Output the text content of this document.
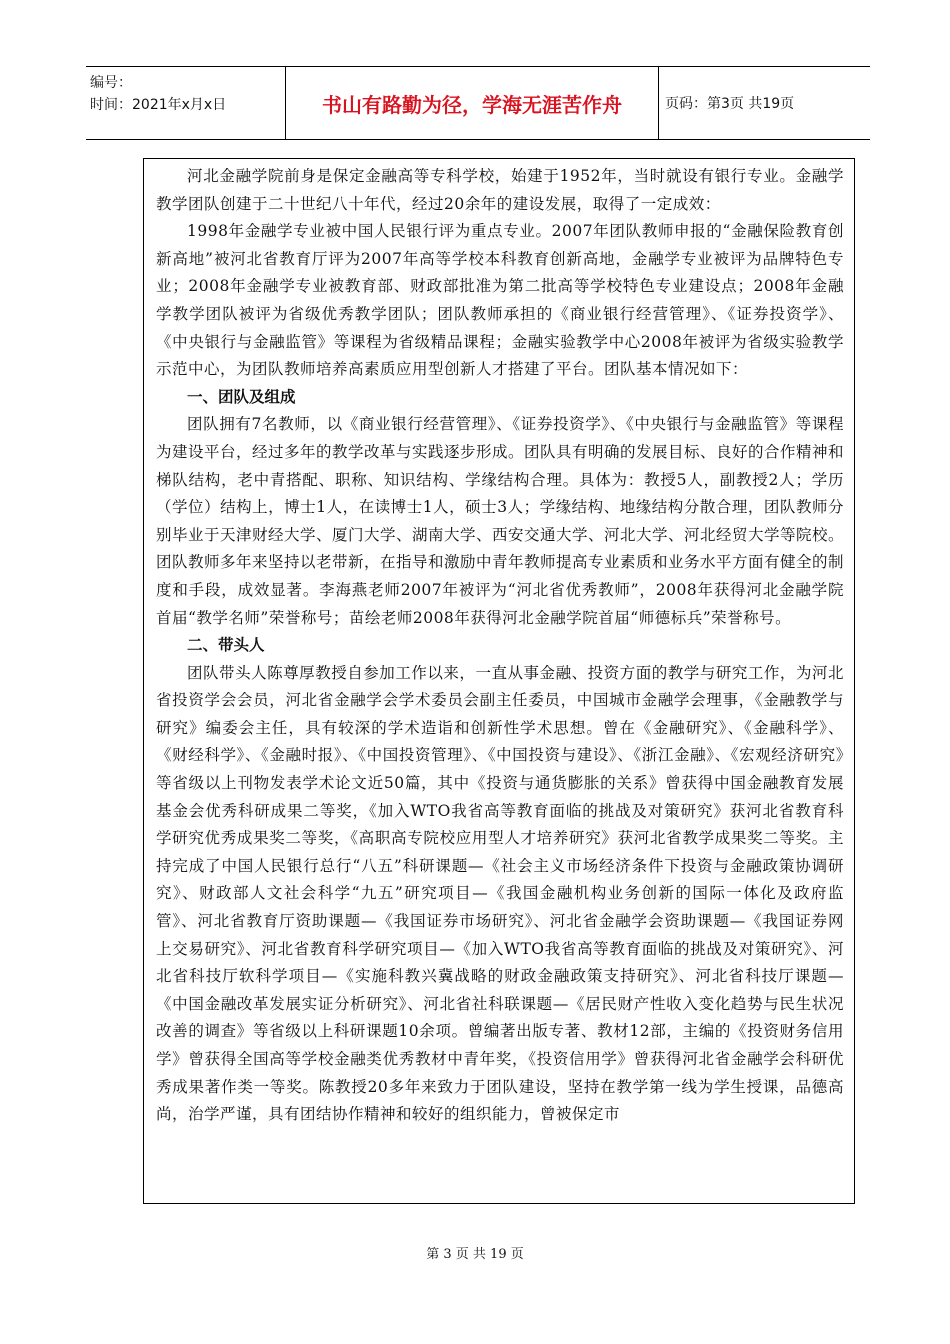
编号：
时间：2021年x月x日	书山有路勤为径，学海无涯苦作舟	页码：第3页 共19页

河北金融学院前身是保定金融高等专科学校，始建于1952年，当时就设有银行专业。金融学教学团队创建于二十世纪八十年代，经过20余年的建设发展，取得了一定成效：

1998年金融学专业被中国人民银行评为重点专业。2007年团队教师申报的“金融保险教育创新高地”被河北省教育厅评为2007年高等学校本科教育创新高地，金融学专业被评为品牌特色专业；2008年金融学专业被教育部、财政部批准为第二批高等学校特色专业建设点；2008年金融学教学团队被评为省级优秀教学团队；团队教师承担的《商业银行经营管理》、《证券投资学》、《中央银行与金融监管》等课程为省级精品课程；金融实验教学中心2008年被评为省级实验教学示范中心，为团队教师培养高素质应用型创新人才搭建了平台。团队基本情况如下：

一、团队及组成

团队拥有7名教师，以《商业银行经营管理》、《证券投资学》、《中央银行与金融监管》等课程为建设平台，经过多年的教学改革与实践逐步形成。团队具有明确的发展目标、良好的合作精神和梯队结构，老中青搭配、职称、知识结构、学缘结构合理。具体为：教授5人，副教授2人；学历（学位）结构上，博士1人，在读博士1人，硕士3人；学缘结构、地缘结构分散合理，团队教师分别毕业于天津财经大学、厦门大学、湖南大学、西安交通大学、河北大学、河北经贸大学等院校。团队教师多年来坚持以老带新，在指导和激励中青年教师提高专业素质和业务水平方面有健全的制度和手段，成效显著。李海燕老师2007年被评为“河北省优秀教师”，2008年获得河北金融学院首届“教学名师”荣誉称号；苗绘老师2008年获得河北金融学院首届“师德标兵”荣誉称号。

二、带头人

团队带头人陈尊厚教授自参加工作以来，一直从事金融、投资方面的教学与研究工作，为河北省投资学会会员，河北省金融学会学术委员会副主任委员，中国城市金融学会理事，《金融教学与研究》编委会主任，具有较深的学术造诣和创新性学术思想。曾在《金融研究》、《金融科学》、《财经科学》、《金融时报》、《中国投资管理》、《中国投资与建设》、《浙江金融》、《宏观经济研究》等省级以上刊物发表学术论文近50篇，其中《投资与通货膨胀的关系》曾获得中国金融教育发展基金会优秀科研成果二等奖，《加入WTO我省高等教育面临的挑战及对策研究》获河北省教育科学研究优秀成果奖二等奖，《高职高专院校应用型人才培养研究》获河北省教学成果奖二等奖。主持完成了中国人民银行总行“八五”科研课题—《社会主义市场经济条件下投资与金融政策协调研究》、财政部人文社会科学“九五”研究项目—《我国金融机构业务创新的国际一体化及政府监管》、河北省教育厅资助课题—《我国证券市场研究》、河北省金融学会资助课题—《我国证券网上交易研究》、河北省教育科学研究项目—《加入WTO我省高等教育面临的挑战及对策研究》、河北省科技厅软科学项目—《实施科教兴冀战略的财政金融政策支持研究》、河北省科技厅课题—《中国金融改革发展实证分析研究》、河北省社科联课题—《居民财产性收入变化趋势与民生状况改善的调查》等省级以上科研课题10余项。曾编著出版专著、教材12部，主编的《投资财务信用学》曾获得全国高等学校金融类优秀教材中青年奖，《投资信用学》曾获得河北省金融学会科研优秀成果著作类一等奖。陈教授20多年来致力于团队建设，坚持在教学第一线为学生授课，品德高尚，治学严谨，具有团结协作精神和较好的组织能力，曾被保定市

第 3 页 共 19 页
